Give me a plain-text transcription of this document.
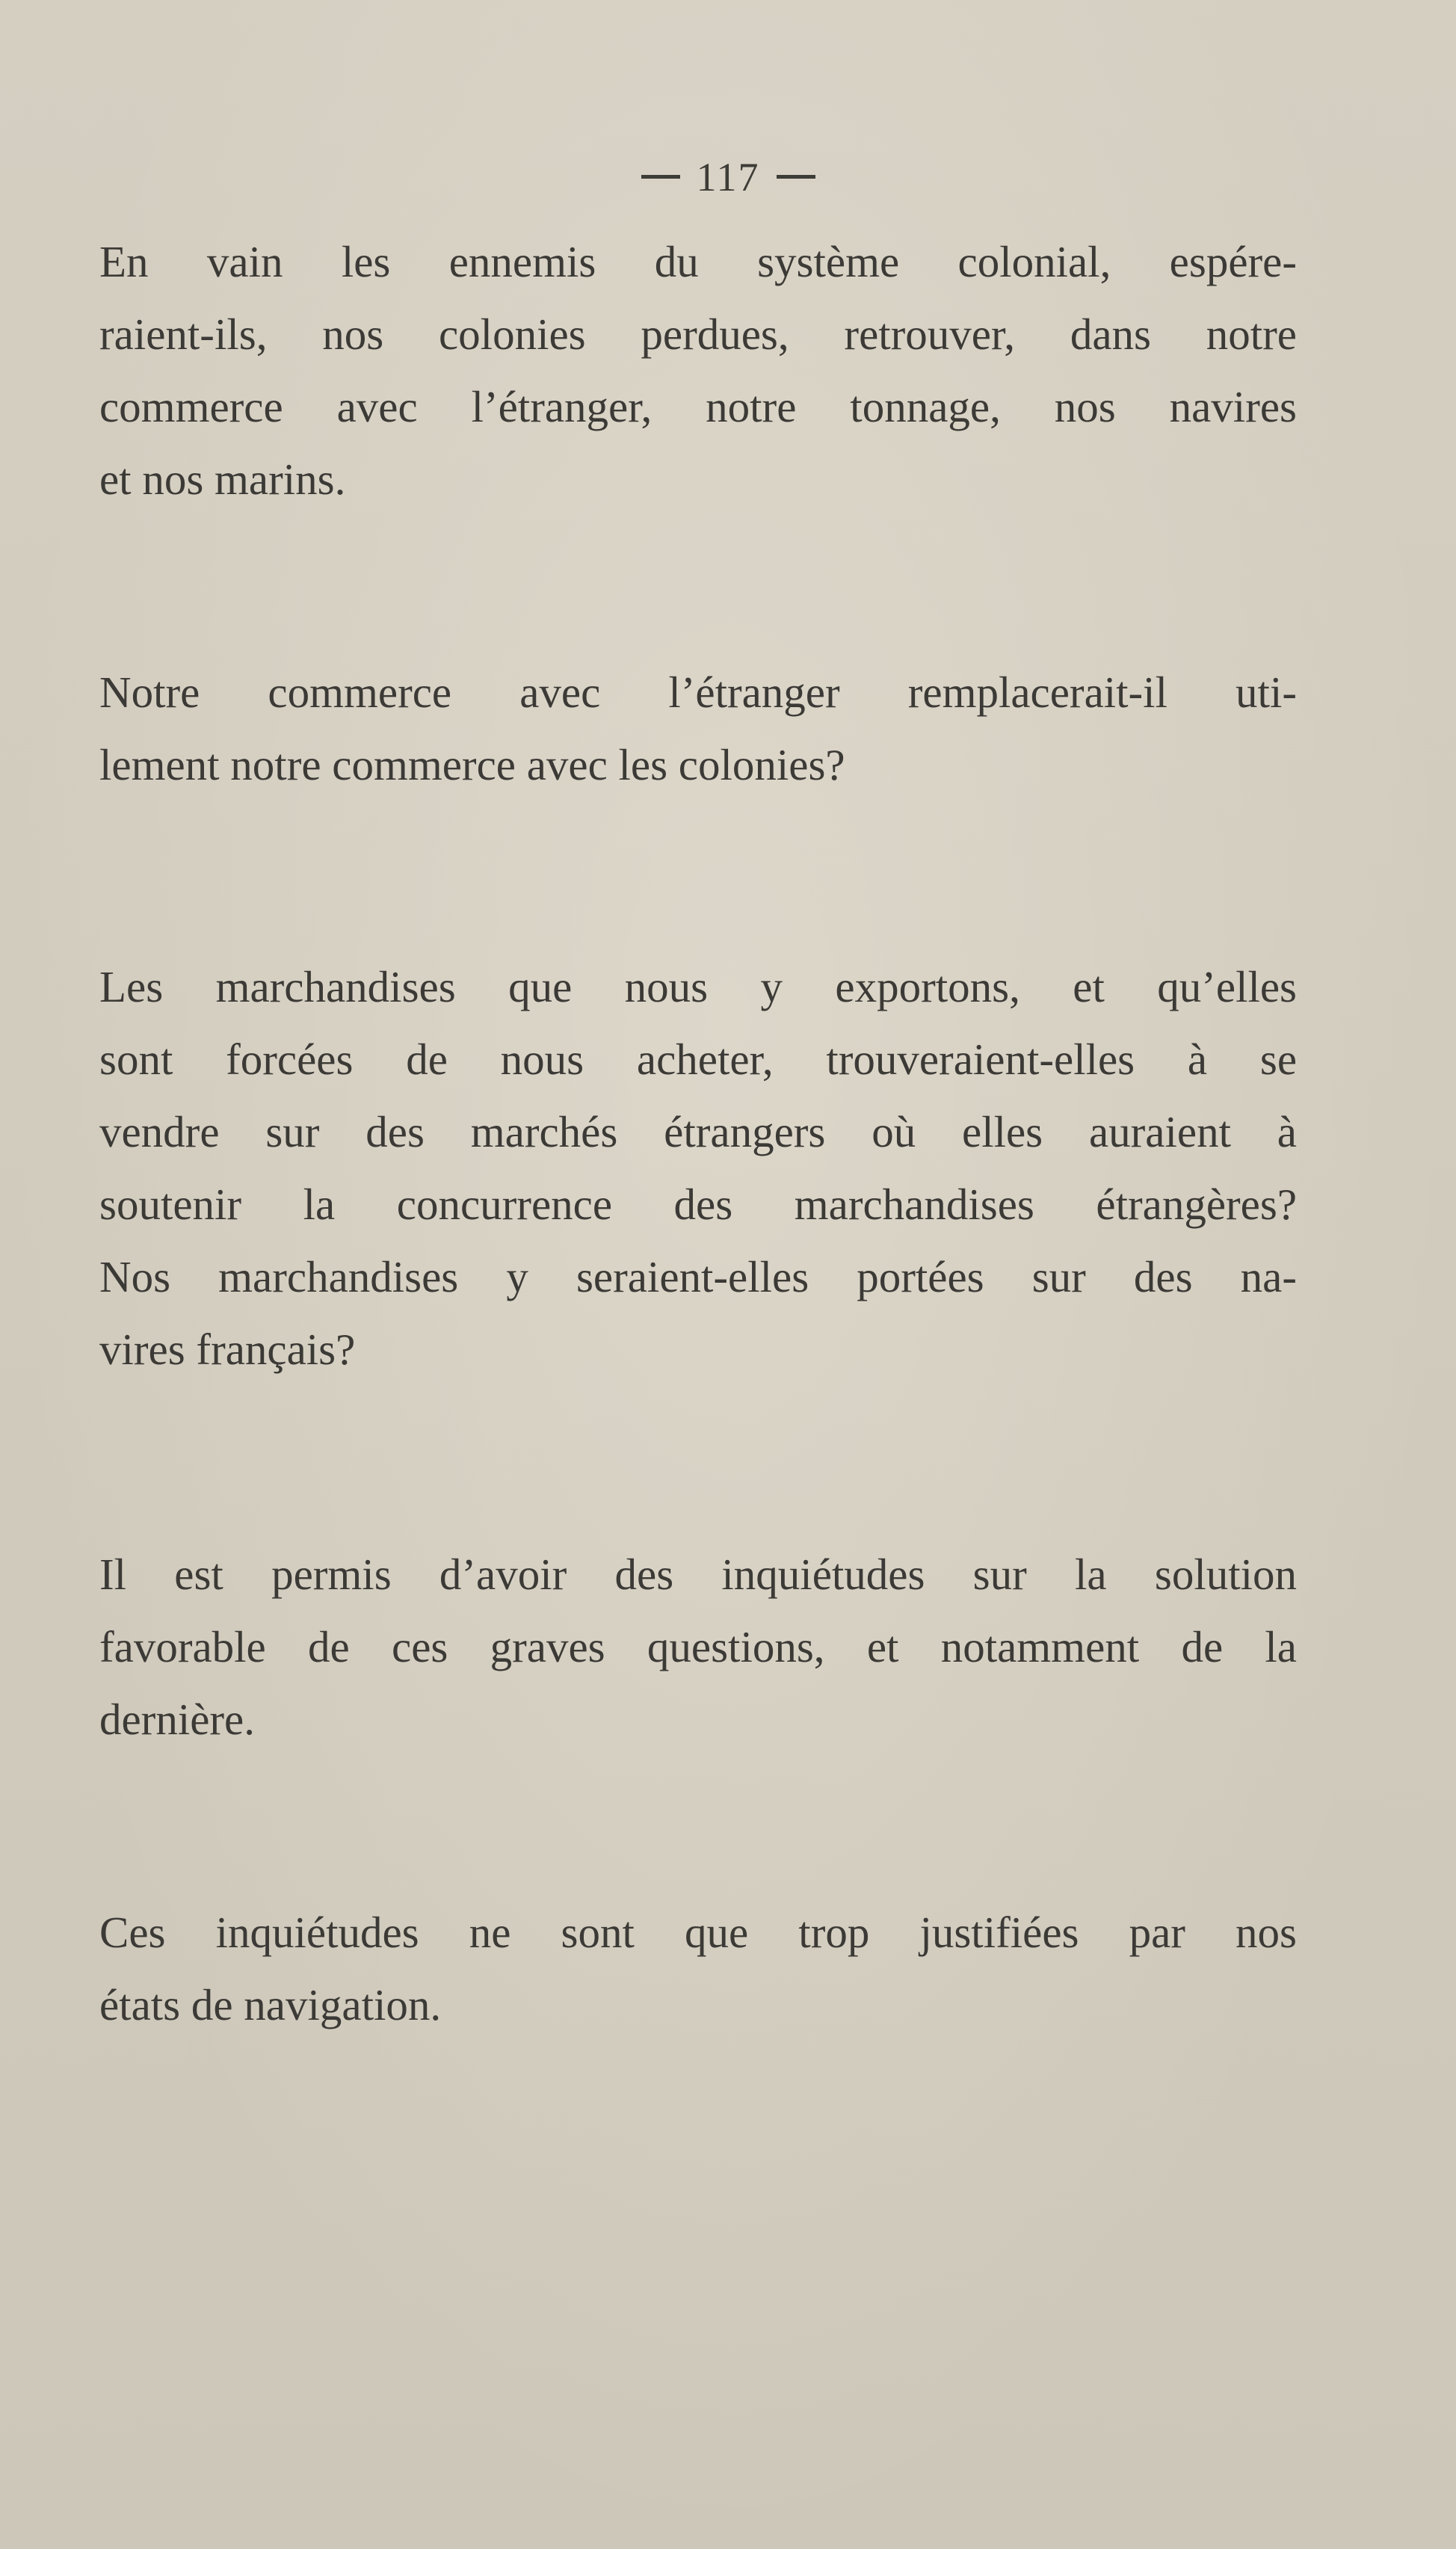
117
En vain les ennemis du système colonial, espére-
raient-ils, nos colonies perdues, retrouver, dans notre
commerce avec l’étranger, notre tonnage, nos navires
et nos marins.
Notre commerce avec l’étranger remplacerait-il uti-
lement notre commerce avec les colonies?
Les marchandises que nous y exportons, et qu’elles
sont forcées de nous acheter, trouveraient-elles à se
vendre sur des marchés étrangers où elles auraient à
soutenir la concurrence des marchandises étrangères?
Nos marchandises y seraient-elles portées sur des na-
vires français?
Il est permis d’avoir des inquiétudes sur la solution
favorable de ces graves questions, et notamment de la
dernière.
Ces inquiétudes ne sont que trop justifiées par nos
états de navigation.
